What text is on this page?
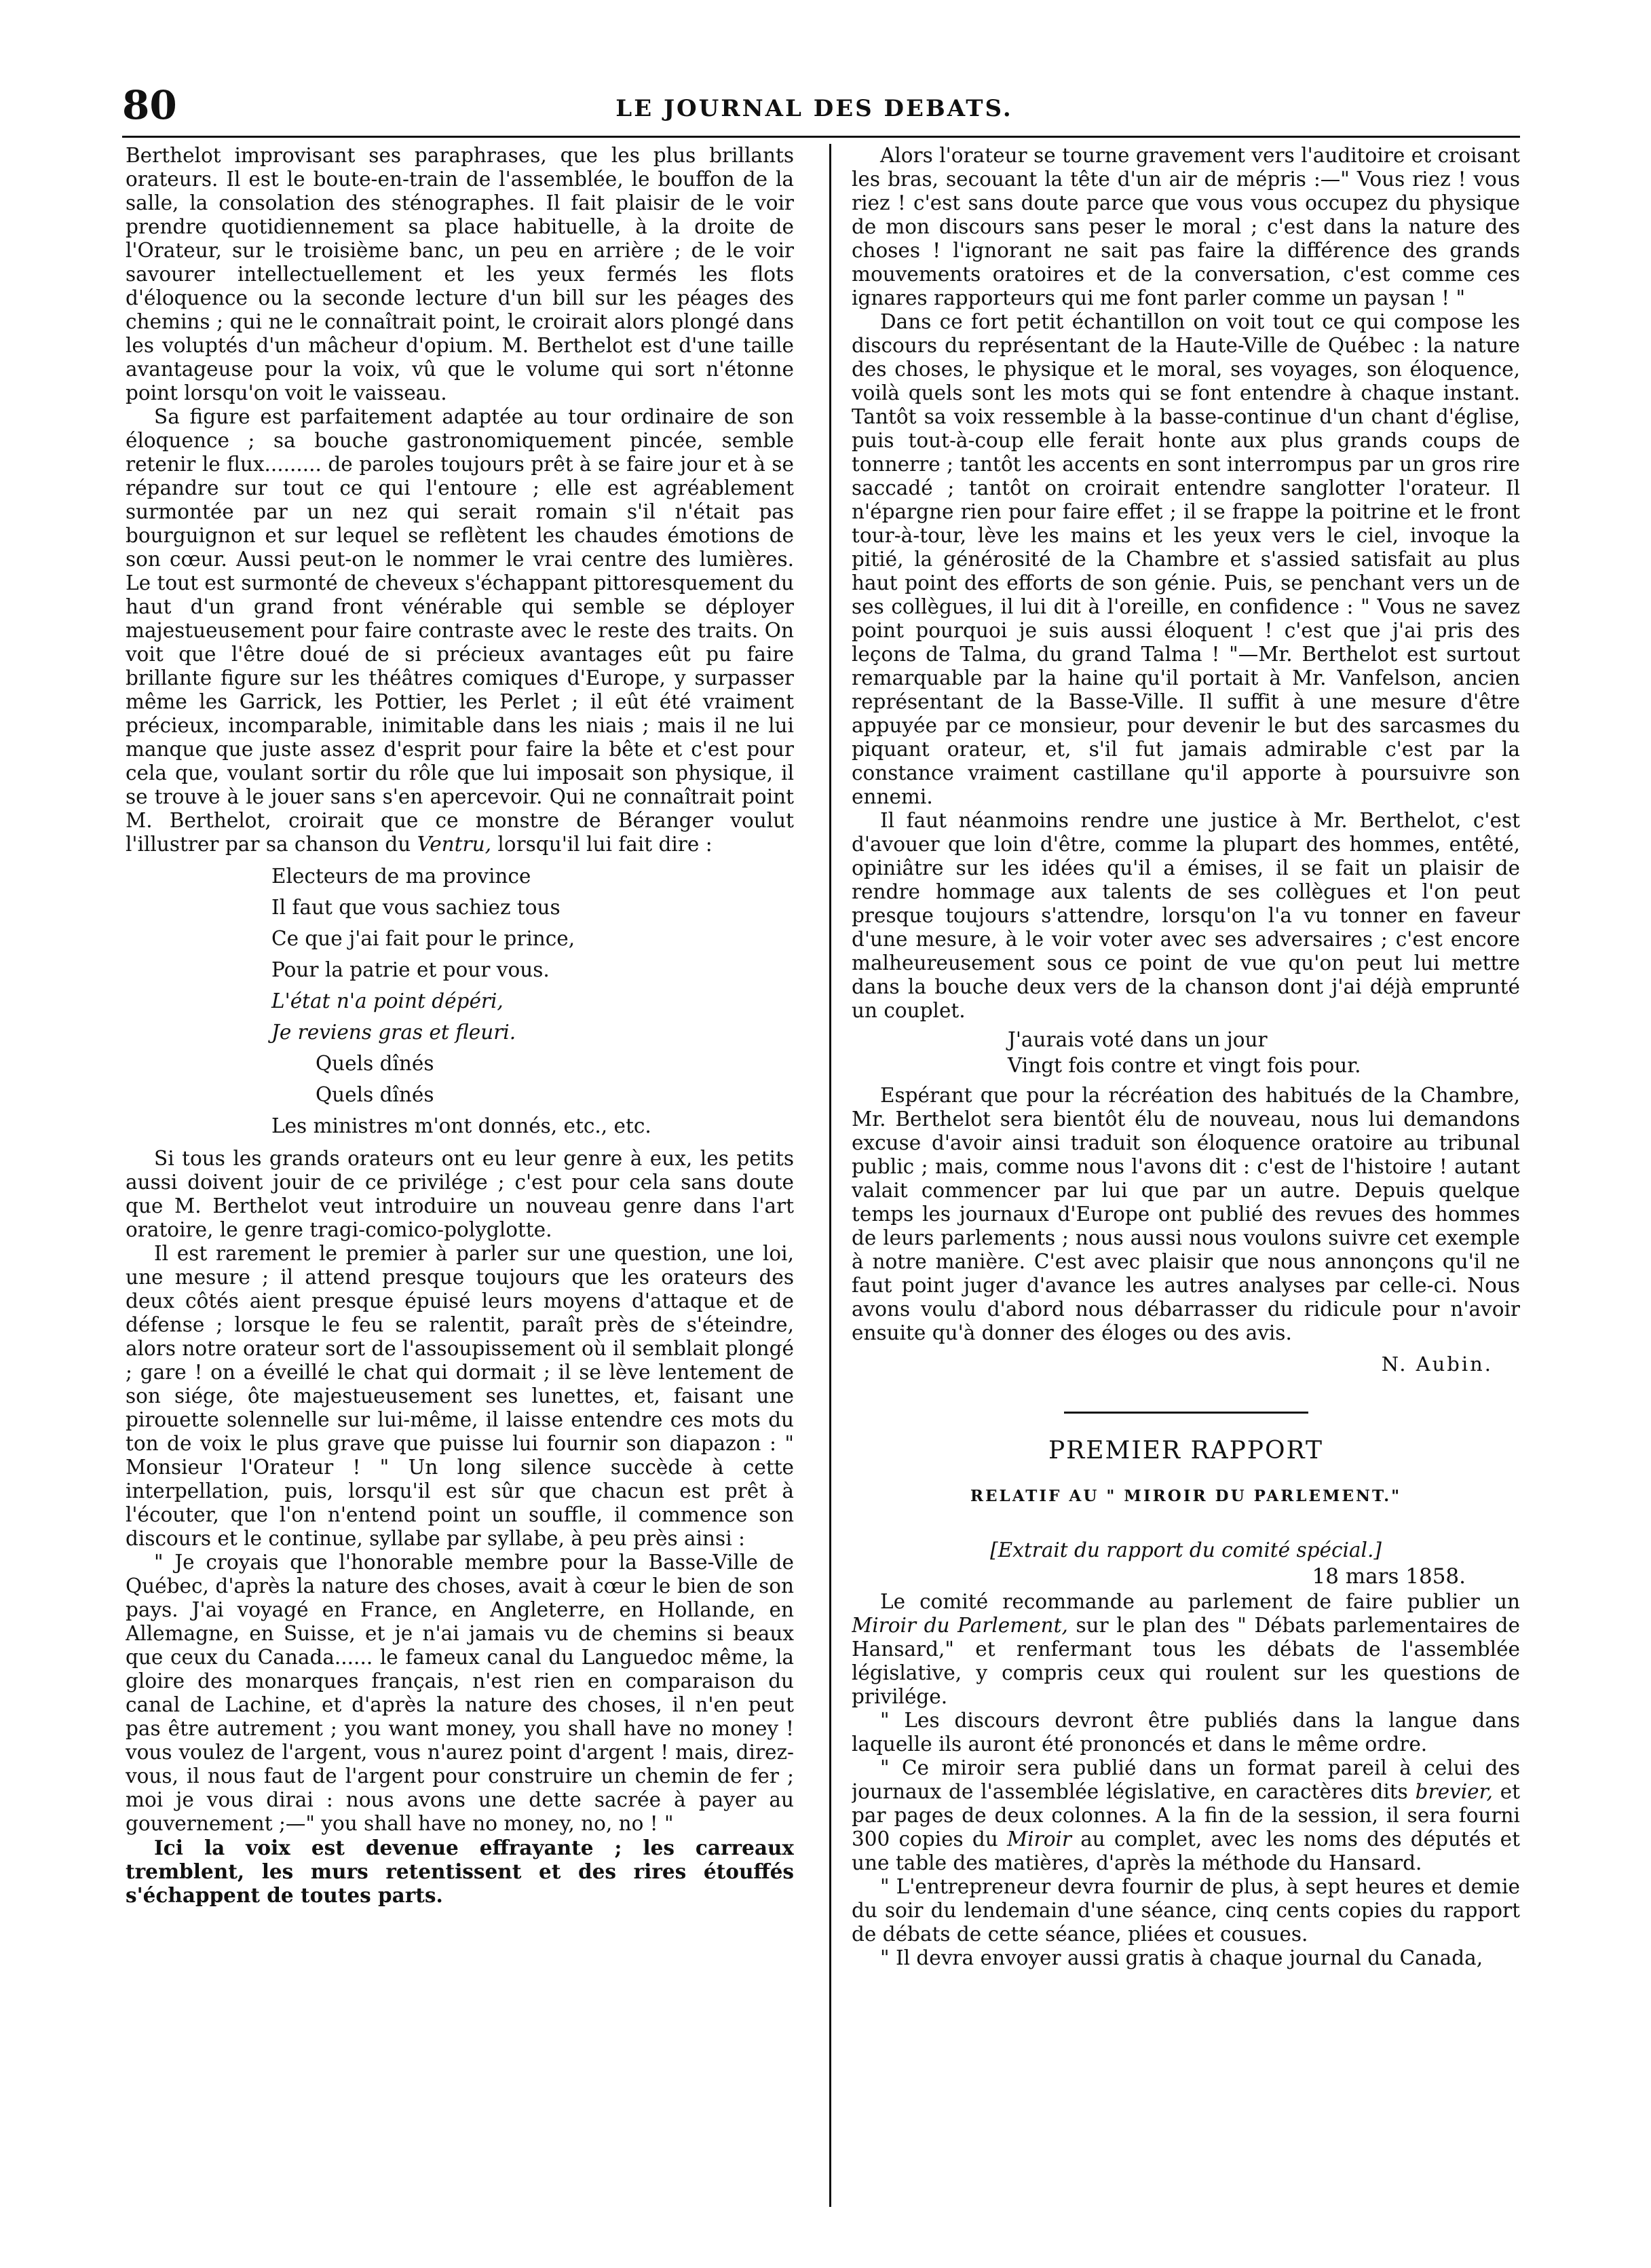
80	LE JOURNAL DES DEBATS.

Berthelot improvisant ses paraphrases, que les plus brillants orateurs. Il est le boute-en-train de l'assemblée, le bouffon de la salle, la consolation des sténographes. Il fait plaisir de le voir prendre quotidiennement sa place habituelle, à la droite de l'Orateur, sur le troisième banc, un peu en arrière ; de le voir savourer intellectuellement et les yeux fermés les flots d'éloquence ou la seconde lecture d'un bill sur les péages des chemins ; qui ne le connaîtrait point, le croirait alors plongé dans les voluptés d'un mâcheur d'opium. M. Berthelot est d'une taille avantageuse pour la voix, vû que le volume qui sort n'étonne point lorsqu'on voit le vaisseau.

Sa figure est parfaitement adaptée au tour ordinaire de son éloquence ; sa bouche gastronomiquement pincée, semble retenir le flux......... de paroles toujours prêt à se faire jour et à se répandre sur tout ce qui l'entoure ; elle est agréablement surmontée par un nez qui serait romain s'il n'était pas bourguignon et sur lequel se reflètent les chaudes émotions de son cœur. Aussi peut-on le nommer le vrai centre des lumières. Le tout est surmonté de cheveux s'échappant pittoresquement du haut d'un grand front vénérable qui semble se déployer majestueusement pour faire contraste avec le reste des traits. On voit que l'être doué de si précieux avantages eût pu faire brillante figure sur les théâtres comiques d'Europe, y surpasser même les Garrick, les Pottier, les Perlet ; il eût été vraiment précieux, incomparable, inimitable dans les niais ; mais il ne lui manque que juste assez d'esprit pour faire la bête et c'est pour cela que, voulant sortir du rôle que lui imposait son physique, il se trouve à le jouer sans s'en apercevoir. Qui ne connaîtrait point M. Berthelot, croirait que ce monstre de Béranger voulut l'illustrer par sa chanson du Ventru, lorsqu'il lui fait dire :

Electeurs de ma province
Il faut que vous sachiez tous
Ce que j'ai fait pour le prince,
Pour la patrie et pour vous.
L'état n'a point dépéri,
Je reviens gras et fleuri.
Quels dînés
Quels dînés
Les ministres m'ont donnés, etc., etc.

Si tous les grands orateurs ont eu leur genre à eux, les petits aussi doivent jouir de ce privilége ; c'est pour cela sans doute que M. Berthelot veut introduire un nouveau genre dans l'art oratoire, le genre tragi-comico-polyglotte.

Il est rarement le premier à parler sur une question, une loi, une mesure ; il attend presque toujours que les orateurs des deux côtés aient presque épuisé leurs moyens d'attaque et de défense ; lorsque le feu se ralentit, paraît près de s'éteindre, alors notre orateur sort de l'assoupissement où il semblait plongé ; gare ! on a éveillé le chat qui dormait ; il se lève lentement de son siége, ôte majestueusement ses lunettes, et, faisant une pirouette solennelle sur lui-même, il laisse entendre ces mots du ton de voix le plus grave que puisse lui fournir son diapazon : " Monsieur l'Orateur ! " Un long silence succède à cette interpellation, puis, lorsqu'il est sûr que chacun est prêt à l'écouter, que l'on n'entend point un souffle, il commence son discours et le continue, syllabe par syllabe, à peu près ainsi :

" Je croyais que l'honorable membre pour la Basse-Ville de Québec, d'après la nature des choses, avait à cœur le bien de son pays. J'ai voyagé en France, en Angleterre, en Hollande, en Allemagne, en Suisse, et je n'ai jamais vu de chemins si beaux que ceux du Canada...... le fameux canal du Languedoc même, la gloire des monarques français, n'est rien en comparaison du canal de Lachine, et d'après la nature des choses, il n'en peut pas être autrement ; you want money, you shall have no money ! vous voulez de l'argent, vous n'aurez point d'argent ! mais, direz-vous, il nous faut de l'argent pour construire un chemin de fer ; moi je vous dirai : nous avons une dette sacrée à payer au gouvernement ;—" you shall have no money, no, no ! "

Ici la voix est devenue effrayante ; les carreaux tremblent, les murs retentissent et des rires étouffés s'échappent de toutes parts.

Alors l'orateur se tourne gravement vers l'auditoire et croisant les bras, secouant la tête d'un air de mépris :—" Vous riez ! vous riez ! c'est sans doute parce que vous vous occupez du physique de mon discours sans peser le moral ; c'est dans la nature des choses ! l'ignorant ne sait pas faire la différence des grands mouvements oratoires et de la conversation, c'est comme ces ignares rapporteurs qui me font parler comme un paysan ! "

Dans ce fort petit échantillon on voit tout ce qui compose les discours du représentant de la Haute-Ville de Québec : la nature des choses, le physique et le moral, ses voyages, son éloquence, voilà quels sont les mots qui se font entendre à chaque instant. Tantôt sa voix ressemble à la basse-continue d'un chant d'église, puis tout-à-coup elle ferait honte aux plus grands coups de tonnerre ; tantôt les accents en sont interrompus par un gros rire saccadé ; tantôt on croirait entendre sanglotter l'orateur. Il n'épargne rien pour faire effet ; il se frappe la poitrine et le front tour-à-tour, lève les mains et les yeux vers le ciel, invoque la pitié, la générosité de la Chambre et s'assied satisfait au plus haut point des efforts de son génie. Puis, se penchant vers un de ses collègues, il lui dit à l'oreille, en confidence : " Vous ne savez point pourquoi je suis aussi éloquent ! c'est que j'ai pris des leçons de Talma, du grand Talma ! "—Mr. Berthelot est surtout remarquable par la haine qu'il portait à Mr. Vanfelson, ancien représentant de la Basse-Ville. Il suffit à une mesure d'être appuyée par ce monsieur, pour devenir le but des sarcasmes du piquant orateur, et, s'il fut jamais admirable c'est par la constance vraiment castillane qu'il apporte à poursuivre son ennemi.

Il faut néanmoins rendre une justice à Mr. Berthelot, c'est d'avouer que loin d'être, comme la plupart des hommes, entêté, opiniâtre sur les idées qu'il a émises, il se fait un plaisir de rendre hommage aux talents de ses collègues et l'on peut presque toujours s'attendre, lorsqu'on l'a vu tonner en faveur d'une mesure, à le voir voter avec ses adversaires ; c'est encore malheureusement sous ce point de vue qu'on peut lui mettre dans la bouche deux vers de la chanson dont j'ai déjà emprunté un couplet.

J'aurais voté dans un jour
Vingt fois contre et vingt fois pour.

Espérant que pour la récréation des habitués de la Chambre, Mr. Berthelot sera bientôt élu de nouveau, nous lui demandons excuse d'avoir ainsi traduit son éloquence oratoire au tribunal public ; mais, comme nous l'avons dit : c'est de l'histoire ! autant valait commencer par lui que par un autre. Depuis quelque temps les journaux d'Europe ont publié des revues des hommes de leurs parlements ; nous aussi nous voulons suivre cet exemple à notre manière. C'est avec plaisir que nous annonçons qu'il ne faut point juger d'avance les autres analyses par celle-ci. Nous avons voulu d'abord nous débarrasser du ridicule pour n'avoir ensuite qu'à donner des éloges ou des avis.

N. Aubin.
PREMIER RAPPORT
RELATIF AU " MIROIR DU PARLEMENT."
[Extrait du rapport du comité spécial.]
18 mars 1858.

Le comité recommande au parlement de faire publier un Miroir du Parlement, sur le plan des " Débats parlementaires de Hansard," et renfermant tous les débats de l'assemblée législative, y compris ceux qui roulent sur les questions de privilége.

" Les discours devront être publiés dans la langue dans laquelle ils auront été prononcés et dans le même ordre.

" Ce miroir sera publié dans un format pareil à celui des journaux de l'assemblée législative, en caractères dits brevier, et par pages de deux colonnes. A la fin de la session, il sera fourni 300 copies du Miroir au complet, avec les noms des députés et une table des matières, d'après la méthode du Hansard.

" L'entrepreneur devra fournir de plus, à sept heures et demie du soir du lendemain d'une séance, cinq cents copies du rapport de débats de cette séance, pliées et cousues.

" Il devra envoyer aussi gratis à chaque journal du Canada,
